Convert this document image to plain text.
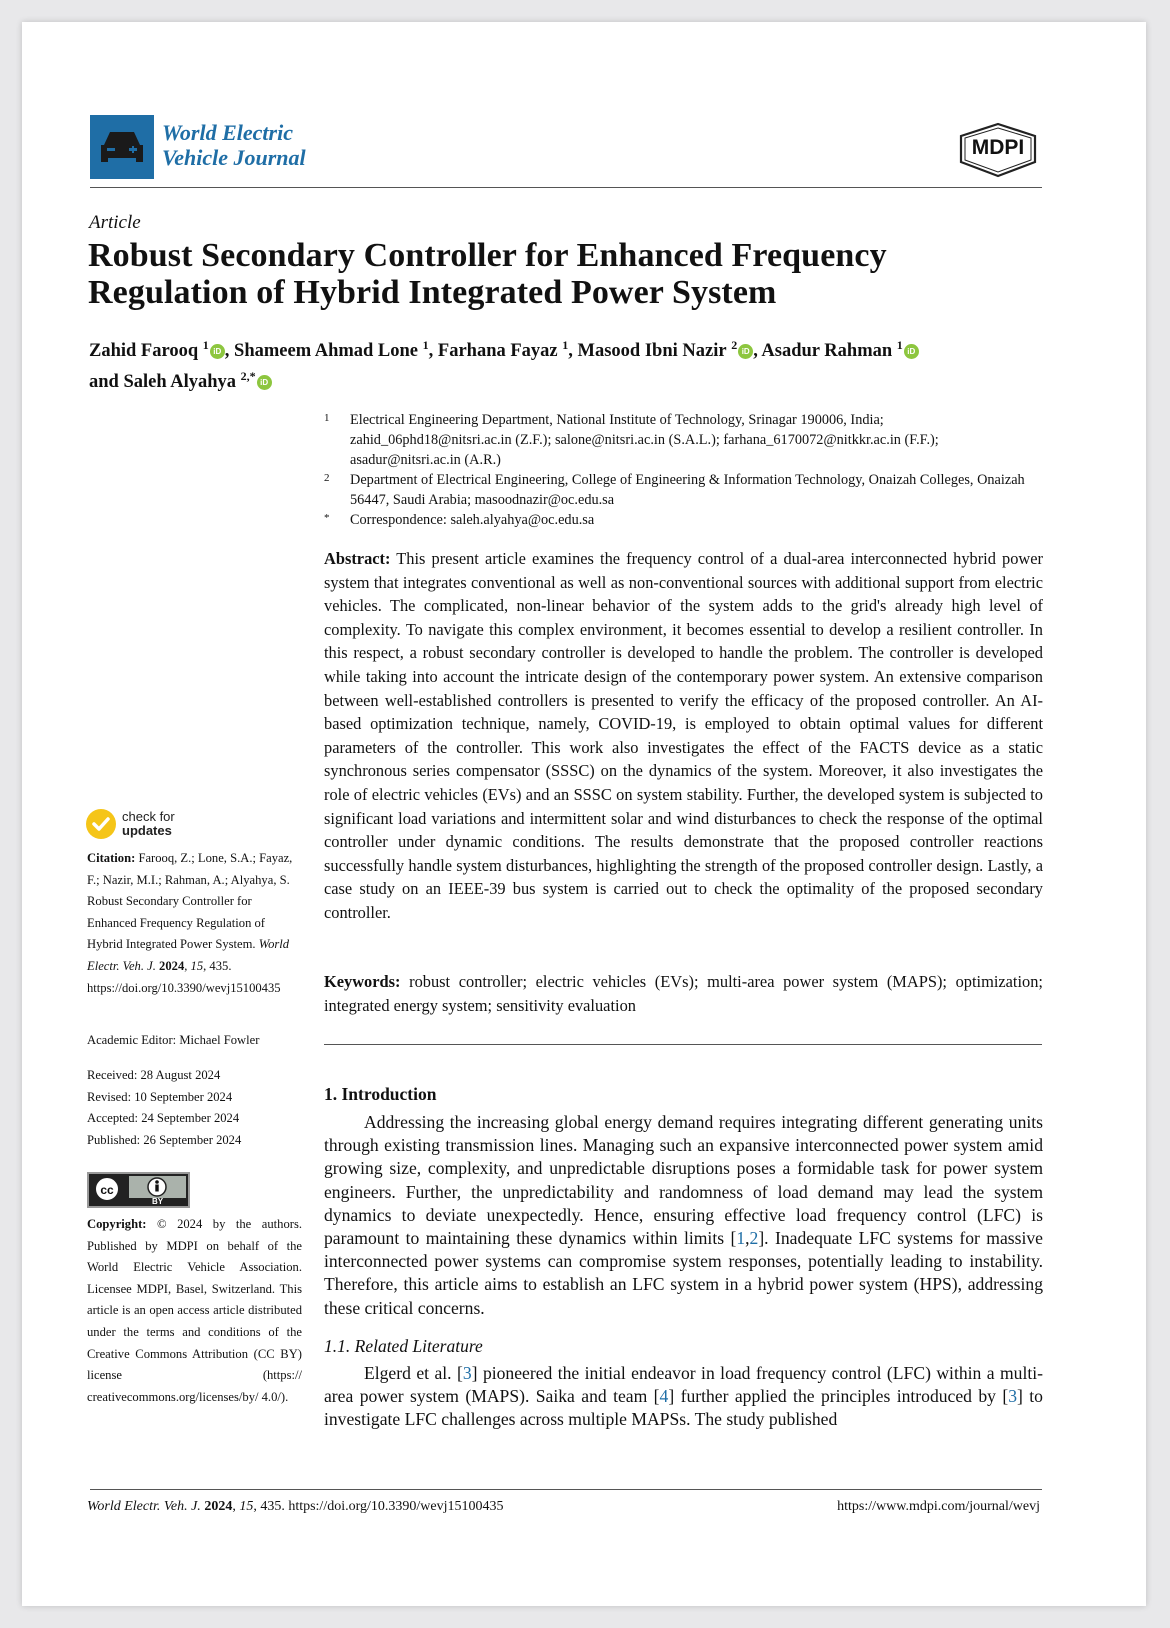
World Electric
Vehicle Journal	MDPI
Article
Robust Secondary Controller for Enhanced Frequency Regulation of Hybrid Integrated Power System
Zahid Farooq $^1$ iD , Shameem Ahmad Lone $^1$, Farhana Fayaz $^1$, Masood Ibni Nazir $^2$ iD , Asadur Rahman $^1$ iD
and Saleh Alyahya $^{2,*}$ iD
1	Electrical Engineering Department, National Institute of Technology, Srinagar 190006, India; zahid_06phd18@nitsri.ac.in (Z.F.); salone@nitsri.ac.in (S.A.L.); farhana_6170072@nitkkr.ac.in (F.F.); asadur@nitsri.ac.in (A.R.)
2	Department of Electrical Engineering, College of Engineering & Information Technology, Onaizah Colleges, Onaizah 56447, Saudi Arabia; masoodnazir@oc.edu.sa
*	Correspondence: saleh.alyahya@oc.edu.sa
Abstract: This present article examines the frequency control of a dual-area interconnected hybrid power system that integrates conventional as well as non-conventional sources with additional support from electric vehicles. The complicated, non-linear behavior of the system adds to the grid's already high level of complexity. To navigate this complex environment, it becomes essential to develop a resilient controller. In this respect, a robust secondary controller is developed to handle the problem. The controller is developed while taking into account the intricate design of the contemporary power system. An extensive comparison between well-established controllers is presented to verify the efficacy of the proposed controller. An AI-based optimization technique, namely, COVID-19, is employed to obtain optimal values for different parameters of the controller. This work also investigates the effect of the FACTS device as a static synchronous series compensator (SSSC) on the dynamics of the system. Moreover, it also investigates the role of electric vehicles (EVs) and an SSSC on system stability. Further, the developed system is subjected to significant load variations and intermittent solar and wind disturbances to check the response of the optimal controller under dynamic conditions. The results demonstrate that the proposed controller reactions successfully handle system disturbances, highlighting the strength of the proposed controller design. Lastly, a case study on an IEEE-39 bus system is carried out to check the optimality of the proposed secondary controller.
Keywords: robust controller; electric vehicles (EVs); multi-area power system (MAPS); optimization; integrated energy system; sensitivity evaluation
1. Introduction
Addressing the increasing global energy demand requires integrating different generating units through existing transmission lines. Managing such an expansive interconnected power system amid growing size, complexity, and unpredictable disruptions poses a formidable task for power system engineers. Further, the unpredictability and randomness of load demand may lead the system dynamics to deviate unexpectedly. Hence, ensuring effective load frequency control (LFC) is paramount to maintaining these dynamics within limits [1,2]. Inadequate LFC systems for massive interconnected power systems can compromise system responses, potentially leading to instability. Therefore, this article aims to establish an LFC system in a hybrid power system (HPS), addressing these critical concerns.
1.1. Related Literature
Elgerd et al. [3] pioneered the initial endeavor in load frequency control (LFC) within a multi-area power system (MAPS). Saika and team [4] further applied the principles introduced by [3] to investigate LFC challenges across multiple MAPSs. The study published
check for
updates
Citation: Farooq, Z.; Lone, S.A.; Fayaz, F.; Nazir, M.I.; Rahman, A.; Alyahya, S. Robust Secondary Controller for Enhanced Frequency Regulation of Hybrid Integrated Power System. World Electr. Veh. J. 2024, 15, 435. https://doi.org/10.3390/wevj15100435
Academic Editor: Michael Fowler
Received: 28 August 2024
Revised: 10 September 2024
Accepted: 24 September 2024
Published: 26 September 2024
cc
BY
Copyright: © 2024 by the authors. Published by MDPI on behalf of the World Electric Vehicle Association. Licensee MDPI, Basel, Switzerland. This article is an open access article distributed under the terms and conditions of the Creative Commons Attribution (CC BY) license (https:// creativecommons.org/licenses/by/ 4.0/).
World Electr. Veh. J. 2024, 15, 435. https://doi.org/10.3390/wevj15100435	https://www.mdpi.com/journal/wevj
